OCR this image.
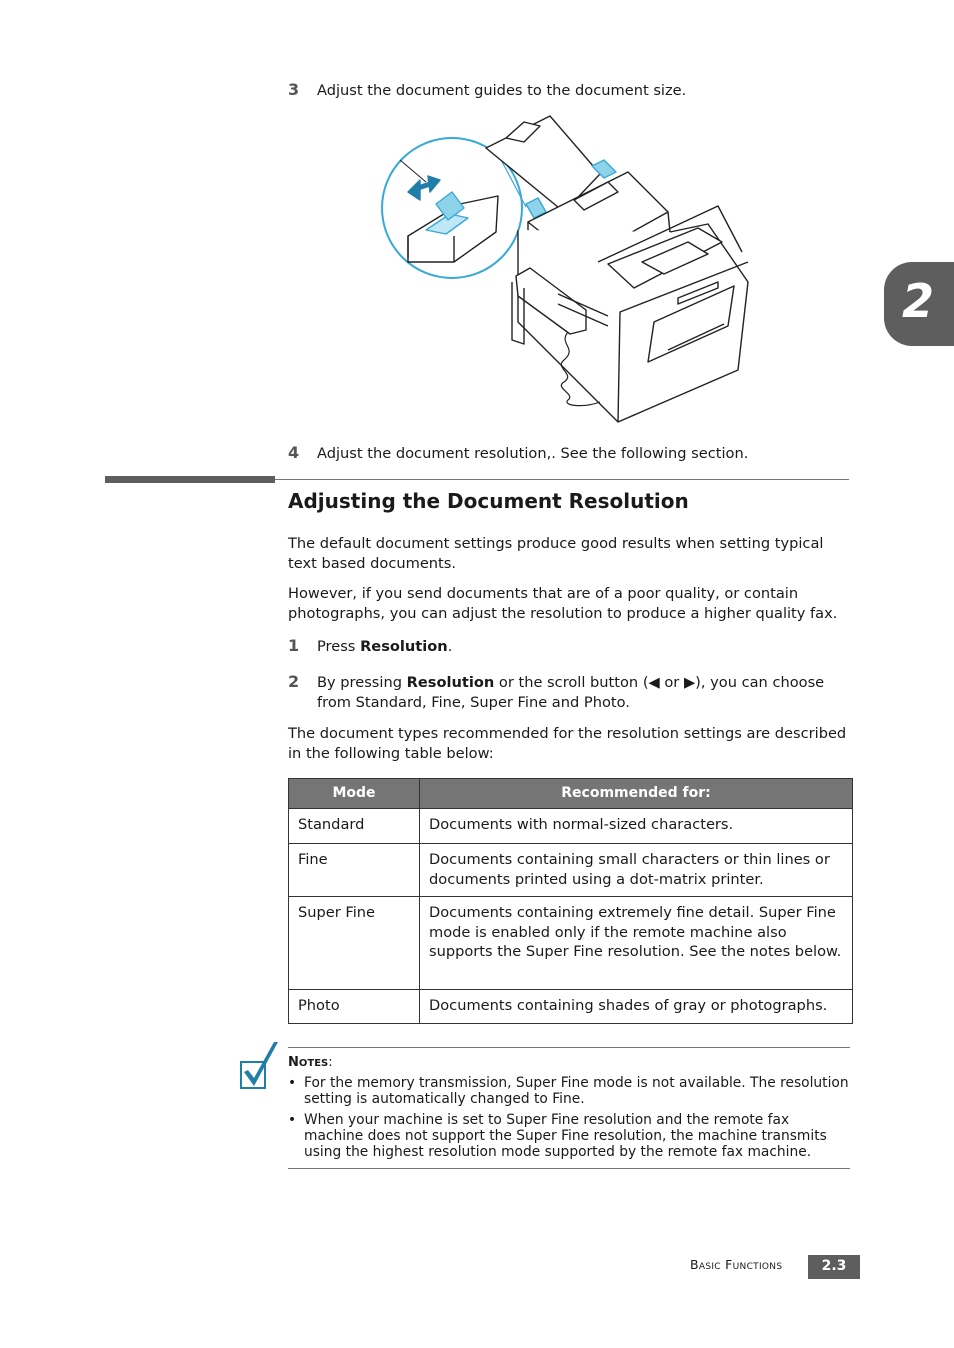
2
3 Adjust the document guides to the document size.
4 Adjust the document resolution,. See the following section.
Adjusting the Document Resolution
The default document settings produce good results when setting typical text based documents.
However, if you send documents that are of a poor quality, or contain photographs, you can adjust the resolution to produce a higher quality fax.
1 Press Resolution.
2 By pressing Resolution or the scroll button (◀ or ▶), you can choose from Standard, Fine, Super Fine and Photo.
The document types recommended for the resolution settings are described in the following table below:
Mode	Recommended for:
Standard	Documents with normal-sized characters.
Fine	Documents containing small characters or thin lines or documents printed using a dot-matrix printer.
Super Fine	Documents containing extremely fine detail. Super Fine mode is enabled only if the remote machine also supports the Super Fine resolution. See the notes below.
Photo	Documents containing shades of gray or photographs.
NOTES:
• For the memory transmission, Super Fine mode is not available. The resolution setting is automatically changed to Fine.
• When your machine is set to Super Fine resolution and the remote fax machine does not support the Super Fine resolution, the machine transmits using the highest resolution mode supported by the remote fax machine.
Basic Functions	2.3
